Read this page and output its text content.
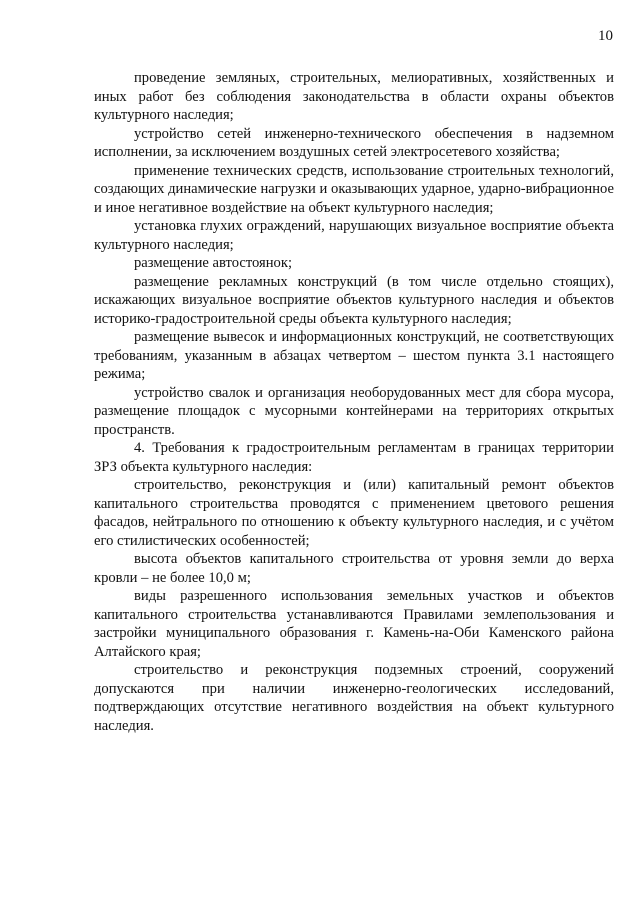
10

проведение земляных, строительных, мелиоративных, хозяйственных и иных работ без соблюдения законодательства в области охраны объектов культурного наследия;

устройство сетей инженерно-технического обеспечения в надземном исполнении, за исключением воздушных сетей электросетевого хозяйства;

применение технических средств, использование строительных технологий, создающих динамические нагрузки и оказывающих ударное, ударно-вибрационное и иное негативное воздействие на объект культурного наследия;

установка глухих ограждений, нарушающих визуальное восприятие объекта культурного наследия;

размещение автостоянок;

размещение рекламных конструкций (в том числе отдельно стоящих), искажающих визуальное восприятие объектов культурного наследия и объектов историко-градостроительной среды объекта культурного наследия;

размещение вывесок и информационных конструкций, не соответствующих требованиям, указанным в абзацах четвертом – шестом пункта 3.1 настоящего режима;

устройство свалок и организация необорудованных мест для сбора мусора, размещение площадок с мусорными контейнерами на территориях открытых пространств.

4. Требования к градостроительным регламентам в границах территории ЗРЗ объекта культурного наследия:

строительство, реконструкция и (или) капитальный ремонт объектов капитального строительства проводятся с применением цветового решения фасадов, нейтрального по отношению к объекту культурного наследия, и с учётом его стилистических особенностей;

высота объектов капитального строительства от уровня земли до верха кровли – не более 10,0 м;

виды разрешенного использования земельных участков и объектов капитального строительства устанавливаются Правилами землепользования и застройки муниципального образования г. Камень-на-Оби Каменского района Алтайского края;

строительство и реконструкция подземных строений, сооружений допускаются при наличии инженерно-геологических исследований, подтверждающих отсутствие негативного воздействия на объект культурного наследия.
